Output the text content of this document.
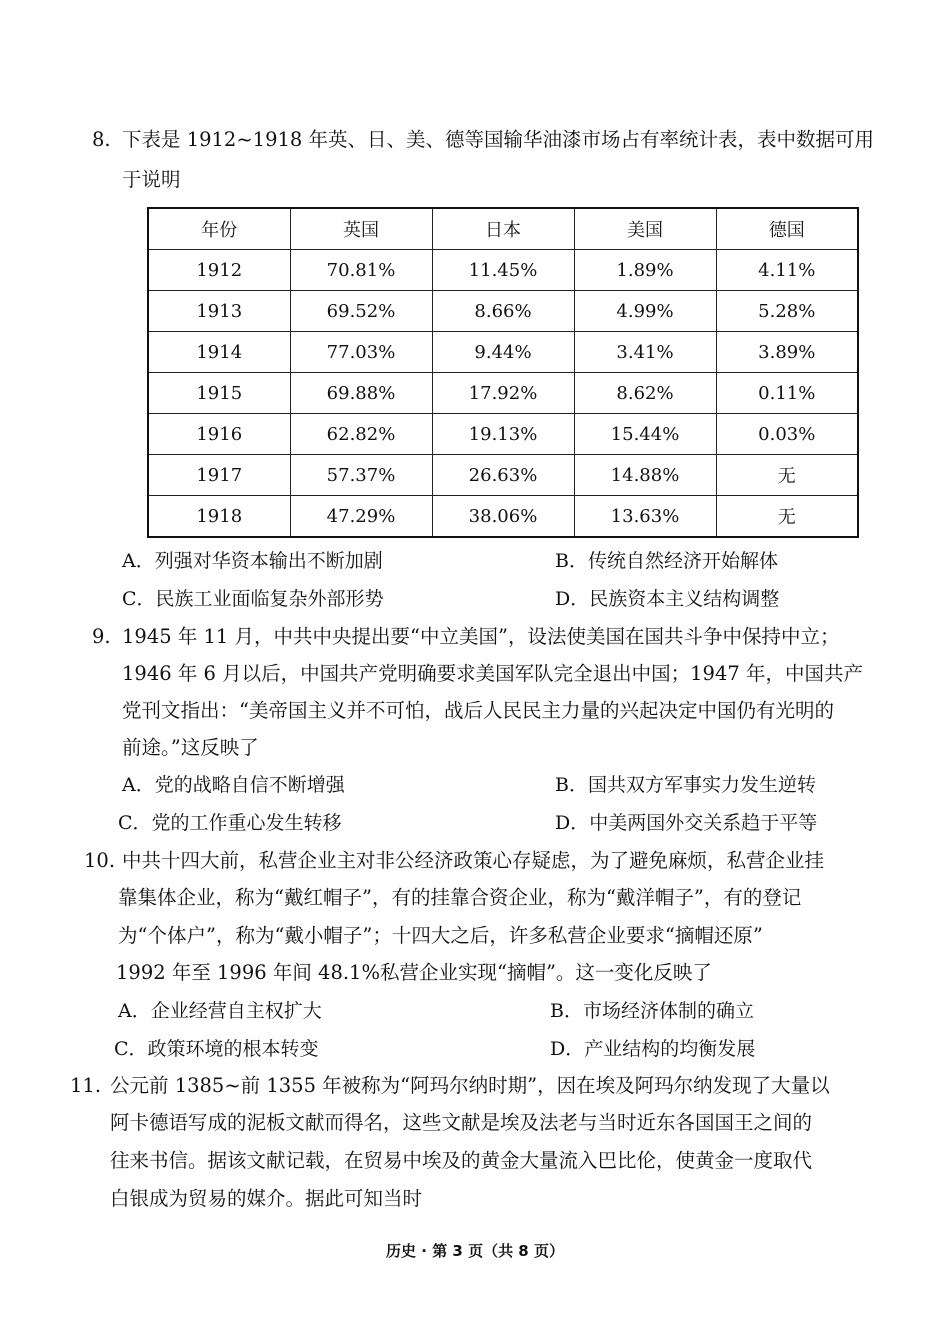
8. 下表是 1912~1918 年英、日、美、德等国输华油漆市场占有率统计表，表中数据可用
于说明
年份	英国	日本	美国	德国
1912	70.81%	11.45%	1.89%	4.11%
1913	69.52%	8.66%	4.99%	5.28%
1914	77.03%	9.44%	3.41%	3.89%
1915	69.88%	17.92%	8.62%	0.11%
1916	62.82%	19.13%	15.44%	0.03%
1917	57.37%	26.63%	14.88%	无
1918	47.29%	38.06%	13.63%	无
A．列强对华资本输出不断加剧	B．传统自然经济开始解体
C．民族工业面临复杂外部形势	D．民族资本主义结构调整
9. 1945 年 11 月，中共中央提出要“中立美国”，设法使美国在国共斗争中保持中立；
1946 年 6 月以后，中国共产党明确要求美国军队完全退出中国；1947 年，中国共产
党刊文指出：“美帝国主义并不可怕，战后人民民主力量的兴起决定中国仍有光明的
前途。”这反映了
A．党的战略自信不断增强	B．国共双方军事实力发生逆转
C．党的工作重心发生转移	D．中美两国外交关系趋于平等
10. 中共十四大前，私营企业主对非公经济政策心存疑虑，为了避免麻烦，私营企业挂
靠集体企业，称为“戴红帽子”，有的挂靠合资企业，称为“戴洋帽子”，有的登记
为“个体户”，称为“戴小帽子”；十四大之后，许多私营企业要求“摘帽还原”
1992 年至 1996 年间 48.1%私营企业实现“摘帽”。这一变化反映了
A．企业经营自主权扩大	B．市场经济体制的确立
C．政策环境的根本转变	D．产业结构的均衡发展
11. 公元前 1385~前 1355 年被称为“阿玛尔纳时期”，因在埃及阿玛尔纳发现了大量以
阿卡德语写成的泥板文献而得名，这些文献是埃及法老与当时近东各国国王之间的
往来书信。据该文献记载，在贸易中埃及的黄金大量流入巴比伦，使黄金一度取代
白银成为贸易的媒介。据此可知当时
历史 · 第 3 页（共 8 页）
